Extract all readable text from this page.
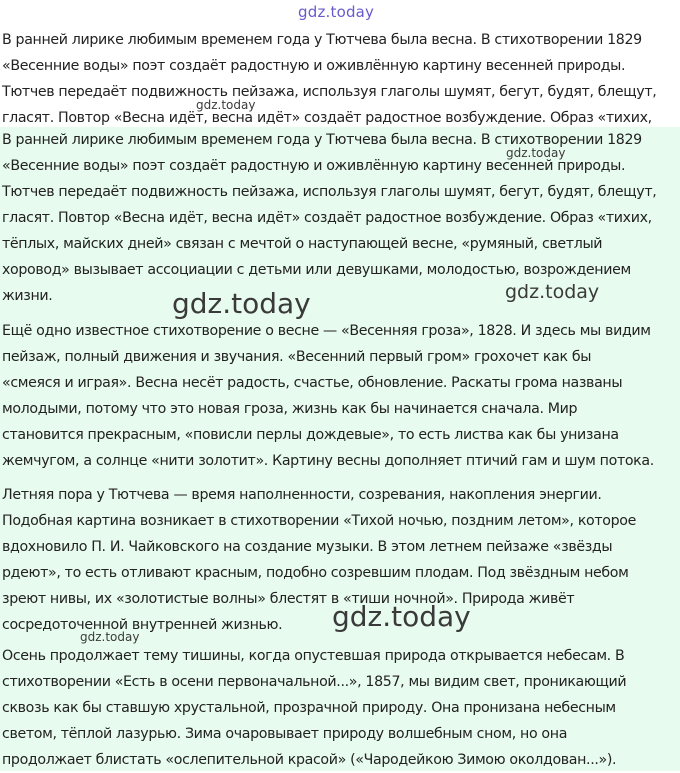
gdz.today
В ранней лирике любимым временем года у Тютчева была весна. В стихотворении 1829
«Весенние воды» поэт создаёт радостную и оживлённую картину весенней природы.
Тютчев передаёт подвижность пейзажа, используя глаголы шумят, бегут, будят, блещут,
гласят. Повтор «Весна идёт, весна идёт» создаёт радостное возбуждение. Образ «тихих,
В ранней лирике любимым временем года у Тютчева была весна. В стихотворении 1829
«Весенние воды» поэт создаёт радостную и оживлённую картину весенней природы.
Тютчев передаёт подвижность пейзажа, используя глаголы шумят, бегут, будят, блещут,
гласят. Повтор «Весна идёт, весна идёт» создаёт радостное возбуждение. Образ «тихих,
тёплых, майских дней» связан с мечтой о наступающей весне, «румяный, светлый
хоровод» вызывает ассоциации с детьми или девушками, молодостью, возрождением
жизни.
Ещё одно известное стихотворение о весне — «Весенняя гроза», 1828. И здесь мы видим
пейзаж, полный движения и звучания. «Весенний первый гром» грохочет как бы
«смеяся и играя». Весна несёт радость, счастье, обновление. Раскаты грома названы
молодыми, потому что это новая гроза, жизнь как бы начинается сначала. Мир
становится прекрасным, «повисли перлы дождевые», то есть листва как бы унизана
жемчугом, а солнце «нити золотит». Картину весны дополняет птичий гам и шум потока.
Летняя пора у Тютчева — время наполненности, созревания, накопления энергии.
Подобная картина возникает в стихотворении «Тихой ночью, поздним летом», которое
вдохновило П. И. Чайковского на создание музыки. В этом летнем пейзаже «звёзды
рдеют», то есть отливают красным, подобно созревшим плодам. Под звёздным небом
зреют нивы, их «золотистые волны» блестят в «тиши ночной». Природа живёт
сосредоточенной внутренней жизнью.
Осень продолжает тему тишины, когда опустевшая природа открывается небесам. В
стихотворении «Есть в осени первоначальной...», 1857, мы видим свет, проникающий
сквозь как бы ставшую хрустальной, прозрачной природу. Она пронизана небесным
светом, тёплой лазурью. Зима очаровывает природу волшебным сном, но она
продолжает блистать «ослепительной красой» («Чародейкою Зимою околдован...»).
gdz.today
gdz.today
gdz.today	gdz.today
gdz.today
gdz.today
